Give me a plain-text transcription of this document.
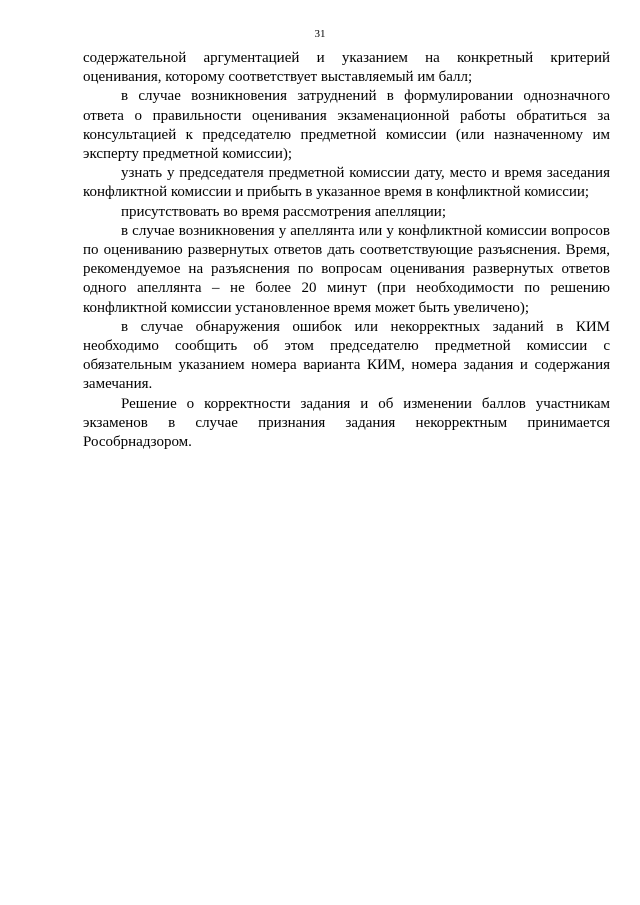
31

содержательной аргументацией и указанием на конкретный критерий оценивания, которому соответствует выставляемый им балл;

в случае возникновения затруднений в формулировании однозначного ответа о правильности оценивания экзаменационной работы обратиться за консультацией к председателю предметной комиссии (или назначенному им эксперту предметной комиссии);

узнать у председателя предметной комиссии дату, место и время заседания конфликтной комиссии и прибыть в указанное время в конфликтной комиссии;

присутствовать во время рассмотрения апелляции;

в случае возникновения у апеллянта или у конфликтной комиссии вопросов по оцениванию развернутых ответов дать соответствующие разъяснения. Время, рекомендуемое на разъяснения по вопросам оценивания развернутых ответов одного апеллянта – не более 20 минут (при необходимости по решению конфликтной комиссии установленное время может быть увеличено);

в случае обнаружения ошибок или некорректных заданий в КИМ необходимо сообщить об этом председателю предметной комиссии с обязательным указанием номера варианта КИМ, номера задания и содержания замечания.

Решение о корректности задания и об изменении баллов участникам экзаменов в случае признания задания некорректным принимается Рособрнадзором.
